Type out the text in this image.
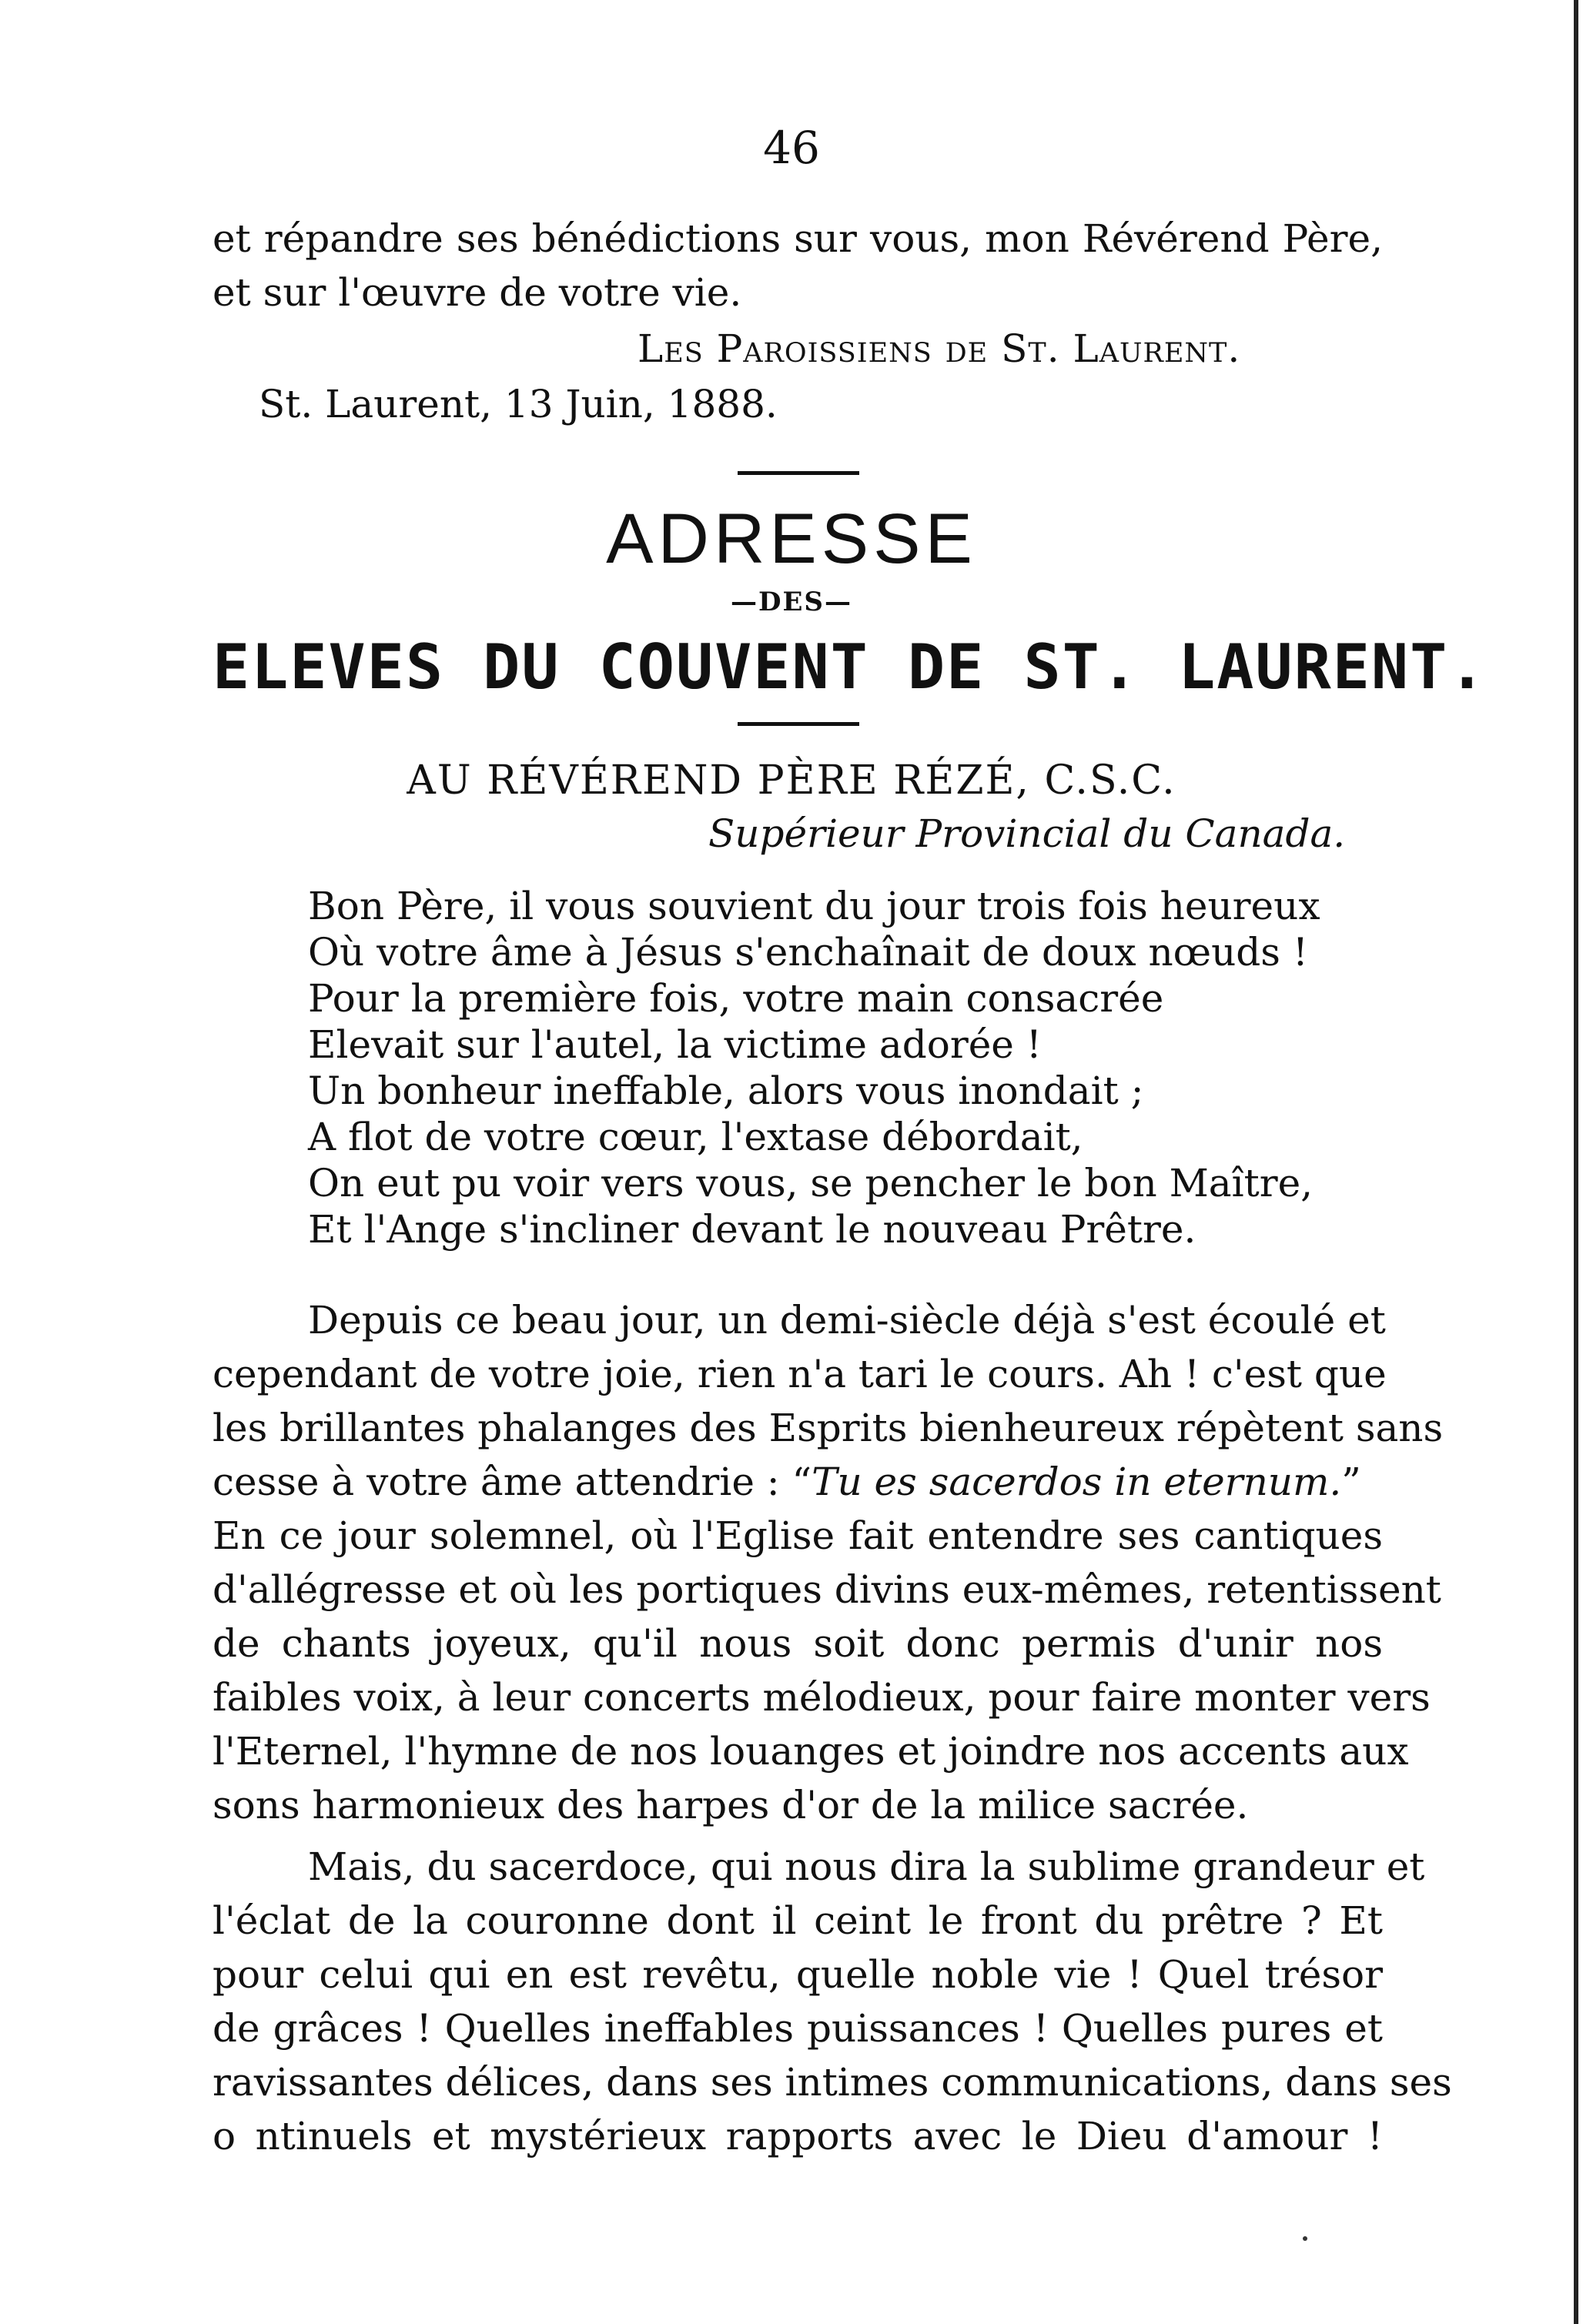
46
et répandre ses bénédictions sur vous, mon Révérend Père,
et sur l'œuvre de votre vie.
Les Paroissiens de St. Laurent.
St. Laurent, 13 Juin, 1888.
ADRESSE
—DES—
ELEVES DU COUVENT DE ST. LAURENT.
AU RÉVÉREND PÈRE RÉZÉ, C.S.C.
Supérieur Provincial du Canada.
Bon Père, il vous souvient du jour trois fois heureux
Où votre âme à Jésus s'enchaînait de doux nœuds !
Pour la première fois, votre main consacrée
Elevait sur l'autel, la victime adorée !
Un bonheur ineffable, alors vous inondait ;
A flot de votre cœur, l'extase débordait,
On eut pu voir vers vous, se pencher le bon Maître,
Et l'Ange s'incliner devant le nouveau Prêtre.
Depuis ce beau jour, un demi-siècle déjà s'est écoulé et
cependant de votre joie, rien n'a tari le cours. Ah ! c'est que
les brillantes phalanges des Esprits bienheureux répètent sans
cesse à votre âme attendrie : “Tu es sacerdos in eternum.”
En ce jour solemnel, où l'Eglise fait entendre ses cantiques
d'allégresse et où les portiques divins eux-mêmes, retentissent
de chants joyeux, qu'il nous soit donc permis d'unir nos
faibles voix, à leur concerts mélodieux, pour faire monter vers
l'Eternel, l'hymne de nos louanges et joindre nos accents aux
sons harmonieux des harpes d'or de la milice sacrée.
Mais, du sacerdoce, qui nous dira la sublime grandeur et
l'éclat de la couronne dont il ceint le front du prêtre ? Et
pour celui qui en est revêtu, quelle noble vie ! Quel trésor
de grâces ! Quelles ineffables puissances ! Quelles pures et
ravissantes délices, dans ses intimes communications, dans ses
o ntinuels et mystérieux rapports avec le Dieu d'amour !
